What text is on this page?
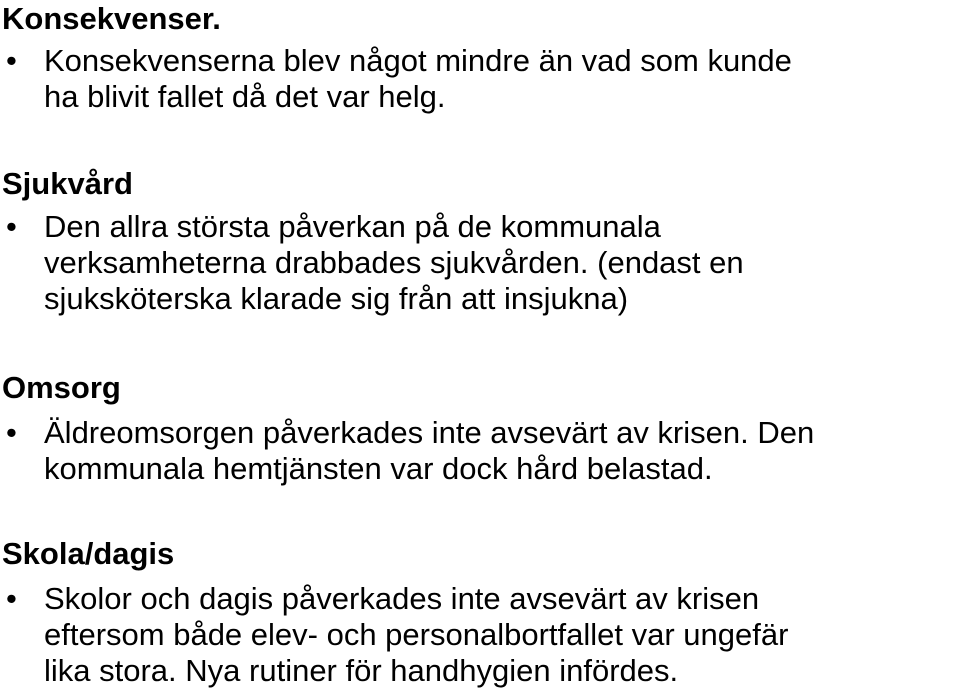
Konsekvenser.
• Konsekvenserna blev något mindre än vad som kunde
ha blivit fallet då det var helg.

Sjukvård
• Den allra största påverkan på de kommunala
verksamheterna drabbades sjukvården. (endast en
sjuksköterska klarade sig från att insjukna)

Omsorg
• Äldreomsorgen påverkades inte avsevärt av krisen. Den
kommunala hemtjänsten var dock hård belastad.

Skola/dagis
• Skolor och dagis påverkades inte avsevärt av krisen
eftersom både elev- och personalbortfallet var ungefär
lika stora. Nya rutiner för handhygien infördes.
